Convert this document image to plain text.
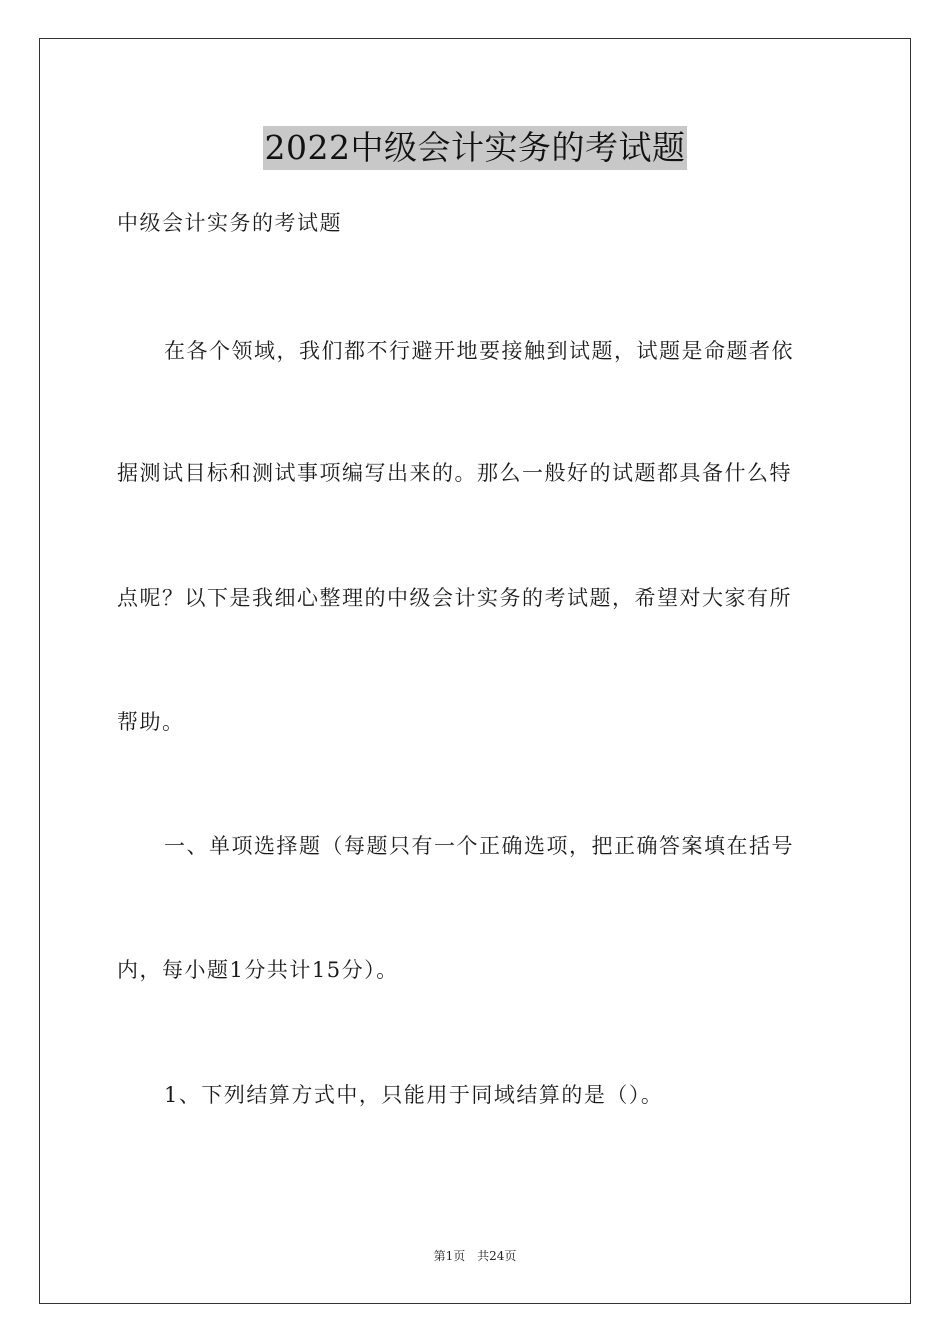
2022中级会计实务的考试题
中级会计实务的考试题
在各个领域，我们都不行避开地要接触到试题，试题是命题者依
据测试目标和测试事项编写出来的。那么一般好的试题都具备什么特
点呢？以下是我细心整理的中级会计实务的考试题，希望对大家有所
帮助。
一、单项选择题（每题只有一个正确选项，把正确答案填在括号
内，每小题1分共计15分）。
1、下列结算方式中，只能用于同域结算的是（）。
第1页 共24页
